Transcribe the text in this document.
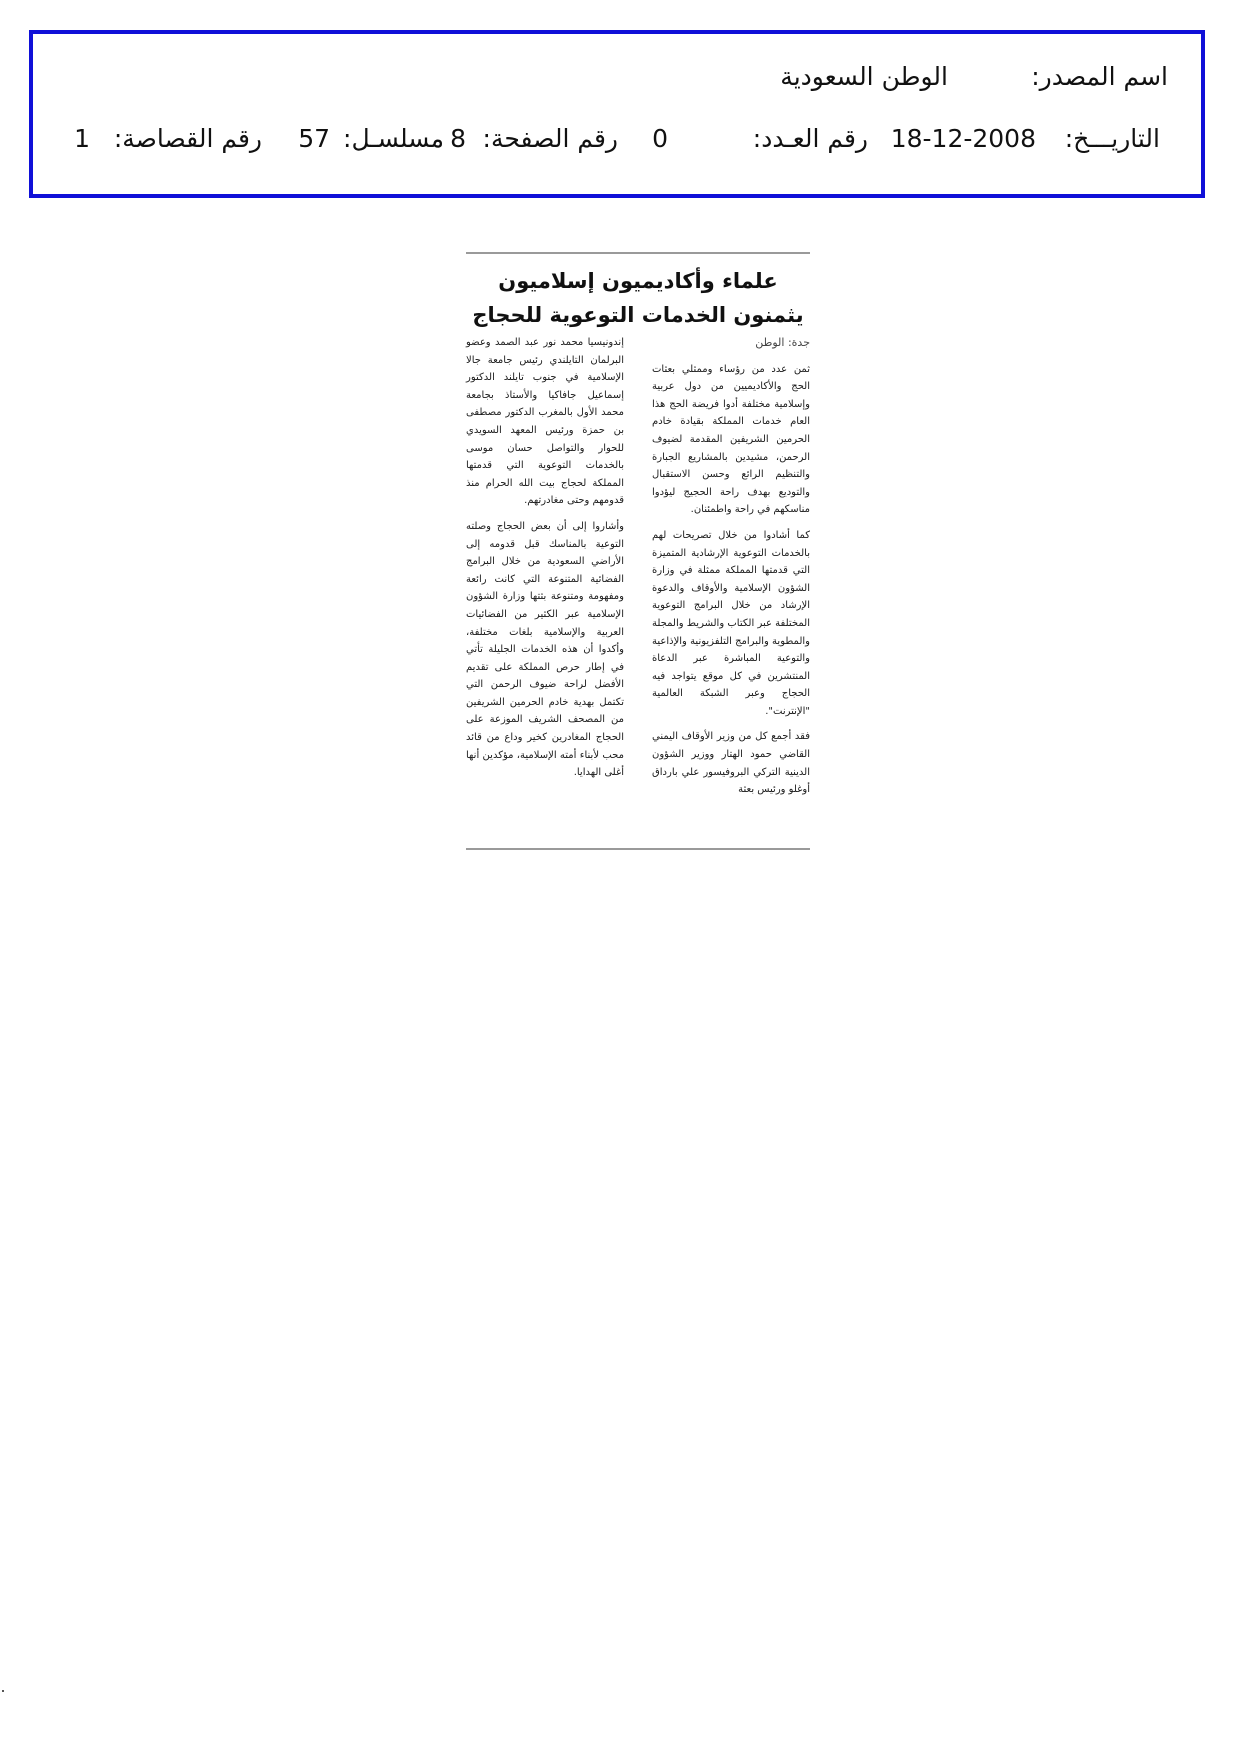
اسم المصدر:
الوطن السعودية
التاريـــخ:
18-12-2008
رقم العـدد:
0
رقم الصفحة:
8
مسلسـل:
57
رقم القصاصة:
1
علماء وأكاديميون إسلاميون
يثمنون الخدمات التوعوية للحجاج
جدة: الوطن
ثمن عدد من رؤساء وممثلي بعثات الحج والأكاديميين من دول عربية وإسلامية مختلفة أدوا فريضة الحج هذا العام خدمات المملكة بقيادة خادم الحرمين الشريفين المقدمة لضيوف الرحمن، مشيدين بالمشاريع الجبارة والتنظيم الرائع وحسن الاستقبال والتوديع بهدف راحة الحجيج ليؤدوا مناسكهم في راحة واطمئنان.
كما أشادوا من خلال تصريحات لهم بالخدمات التوعوية الإرشادية المتميزة التي قدمتها المملكة ممثلة في وزارة الشؤون الإسلامية والأوقاف والدعوة الإرشاد من خلال البرامج التوعوية المختلفة عبر الكتاب والشريط والمجلة والمطوية والبرامج التلفزيونية والإذاعية والتوعية المباشرة عبر الدعاة المنتشرين في كل موقع يتواجد فيه الحجاج وعبر الشبكة العالمية "الإنترنت".
فقد أجمع كل من وزير الأوقاف اليمني القاضي حمود الهتار ووزير الشؤون الدينية التركي البروفيسور علي بارداق أوغلو ورئيس بعثة
إندونيسيا محمد نور عبد الصمد وعضو البرلمان التايلندي رئيس جامعة جالا الإسلامية في جنوب تايلند الدكتور إسماعيل جافاكيا والأستاذ بجامعة محمد الأول بالمغرب الدكتور مصطفى بن حمزة ورئيس المعهد السويدي للحوار والتواصل حسان موسى بالخدمات التوعوية التي قدمتها المملكة لحجاج بيت الله الحرام منذ قدومهم وحتى مغادرتهم.
وأشاروا إلى أن بعض الحجاج وصلته التوعية بالمناسك قبل قدومه إلى الأراضي السعودية من خلال البرامج الفضائية المتنوعة التي كانت رائعة ومفهومة ومتنوعة بثتها وزارة الشؤون الإسلامية عبر الكثير من الفضائيات العربية والإسلامية بلغات مختلفة، وأكدوا أن هذه الخدمات الجليلة تأتي في إطار حرص المملكة على تقديم الأفضل لراحة ضيوف الرحمن التي تكتمل بهدية خادم الحرمين الشريفين من المصحف الشريف الموزعة على الحجاج المغادرين كخير وداع من قائد محب لأبناء أمته الإسلامية، مؤكدين أنها أغلى الهدايا.
